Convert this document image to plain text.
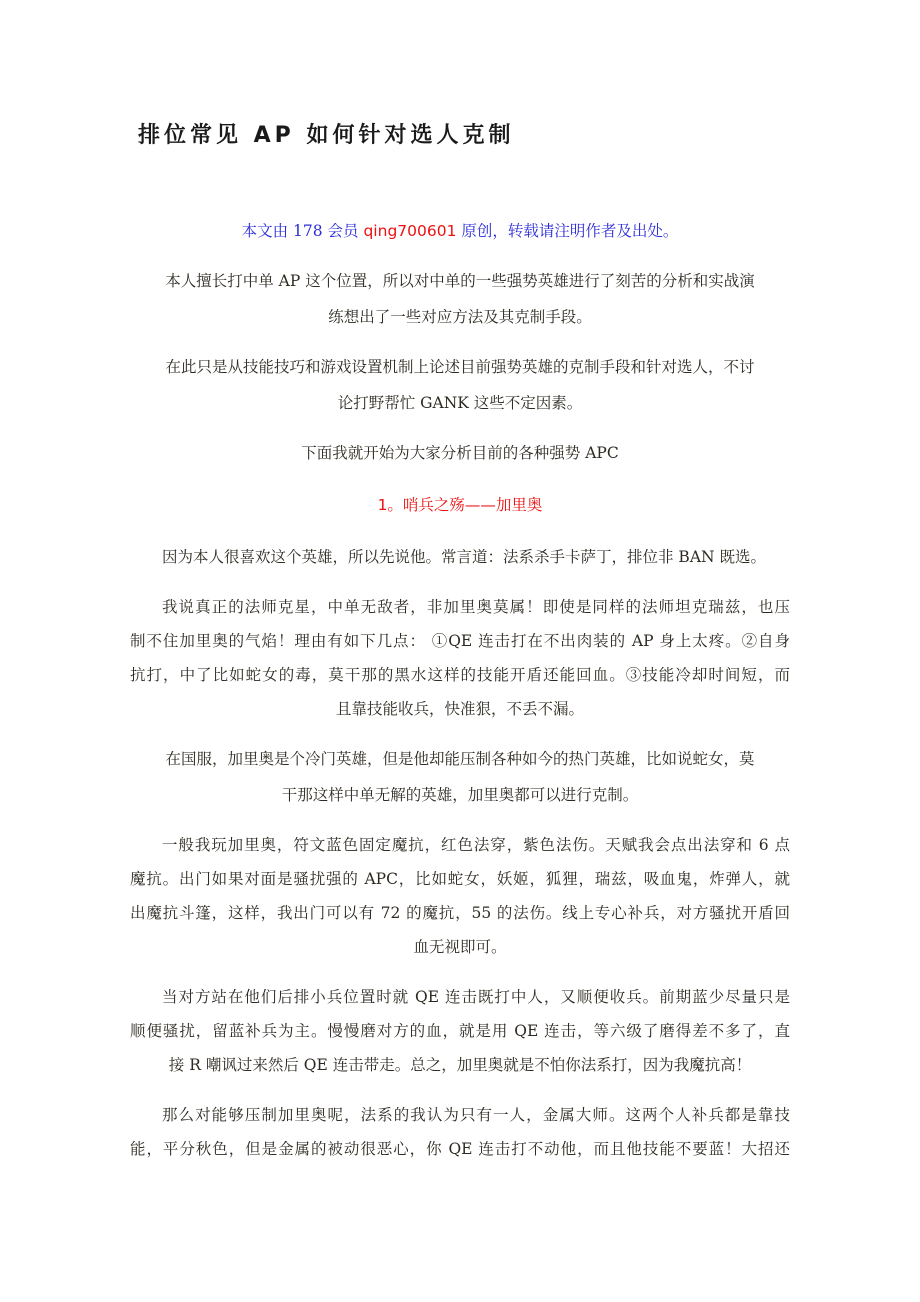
排位常见 AP 如何针对选人克制
本文由 178 会员 qing700601 原创，转载请注明作者及出处。
本人擅长打中单 AP 这个位置，所以对中单的一些强势英雄进行了刻苦的分析和实战演
练想出了一些对应方法及其克制手段。
在此只是从技能技巧和游戏设置机制上论述目前强势英雄的克制手段和针对选人，不讨
论打野帮忙 GANK 这些不定因素。
下面我就开始为大家分析目前的各种强势 APC
1。哨兵之殇——加里奥
因为本人很喜欢这个英雄，所以先说他。常言道：法系杀手卡萨丁，排位非 BAN 既选。
我说真正的法师克星，中单无敌者，非加里奥莫属！即使是同样的法师坦克瑞兹，也压
制不住加里奥的气焰！理由有如下几点： ①QE 连击打在不出肉装的 AP 身上太疼。②自身
抗打，中了比如蛇女的毒，莫干那的黑水这样的技能开盾还能回血。③技能冷却时间短，而
且靠技能收兵，快准狠，不丢不漏。
在国服，加里奥是个冷门英雄，但是他却能压制各种如今的热门英雄，比如说蛇女，莫
干那这样中单无解的英雄，加里奥都可以进行克制。
一般我玩加里奥，符文蓝色固定魔抗，红色法穿，紫色法伤。天赋我会点出法穿和 6 点
魔抗。出门如果对面是骚扰强的 APC，比如蛇女，妖姬，狐狸，瑞兹，吸血鬼，炸弹人，就
出魔抗斗篷，这样，我出门可以有 72 的魔抗，55 的法伤。线上专心补兵，对方骚扰开盾回
血无视即可。
当对方站在他们后排小兵位置时就 QE 连击既打中人，又顺便收兵。前期蓝少尽量只是
顺便骚扰，留蓝补兵为主。慢慢磨对方的血，就是用 QE 连击，等六级了磨得差不多了，直
接 R 嘲讽过来然后 QE 连击带走。总之，加里奥就是不怕你法系打，因为我魔抗高！
那么对能够压制加里奥呢，法系的我认为只有一人，金属大师。这两个人补兵都是靠技
能，平分秋色，但是金属的被动很恶心，你 QE 连击打不动他，而且他技能不要蓝！大招还
